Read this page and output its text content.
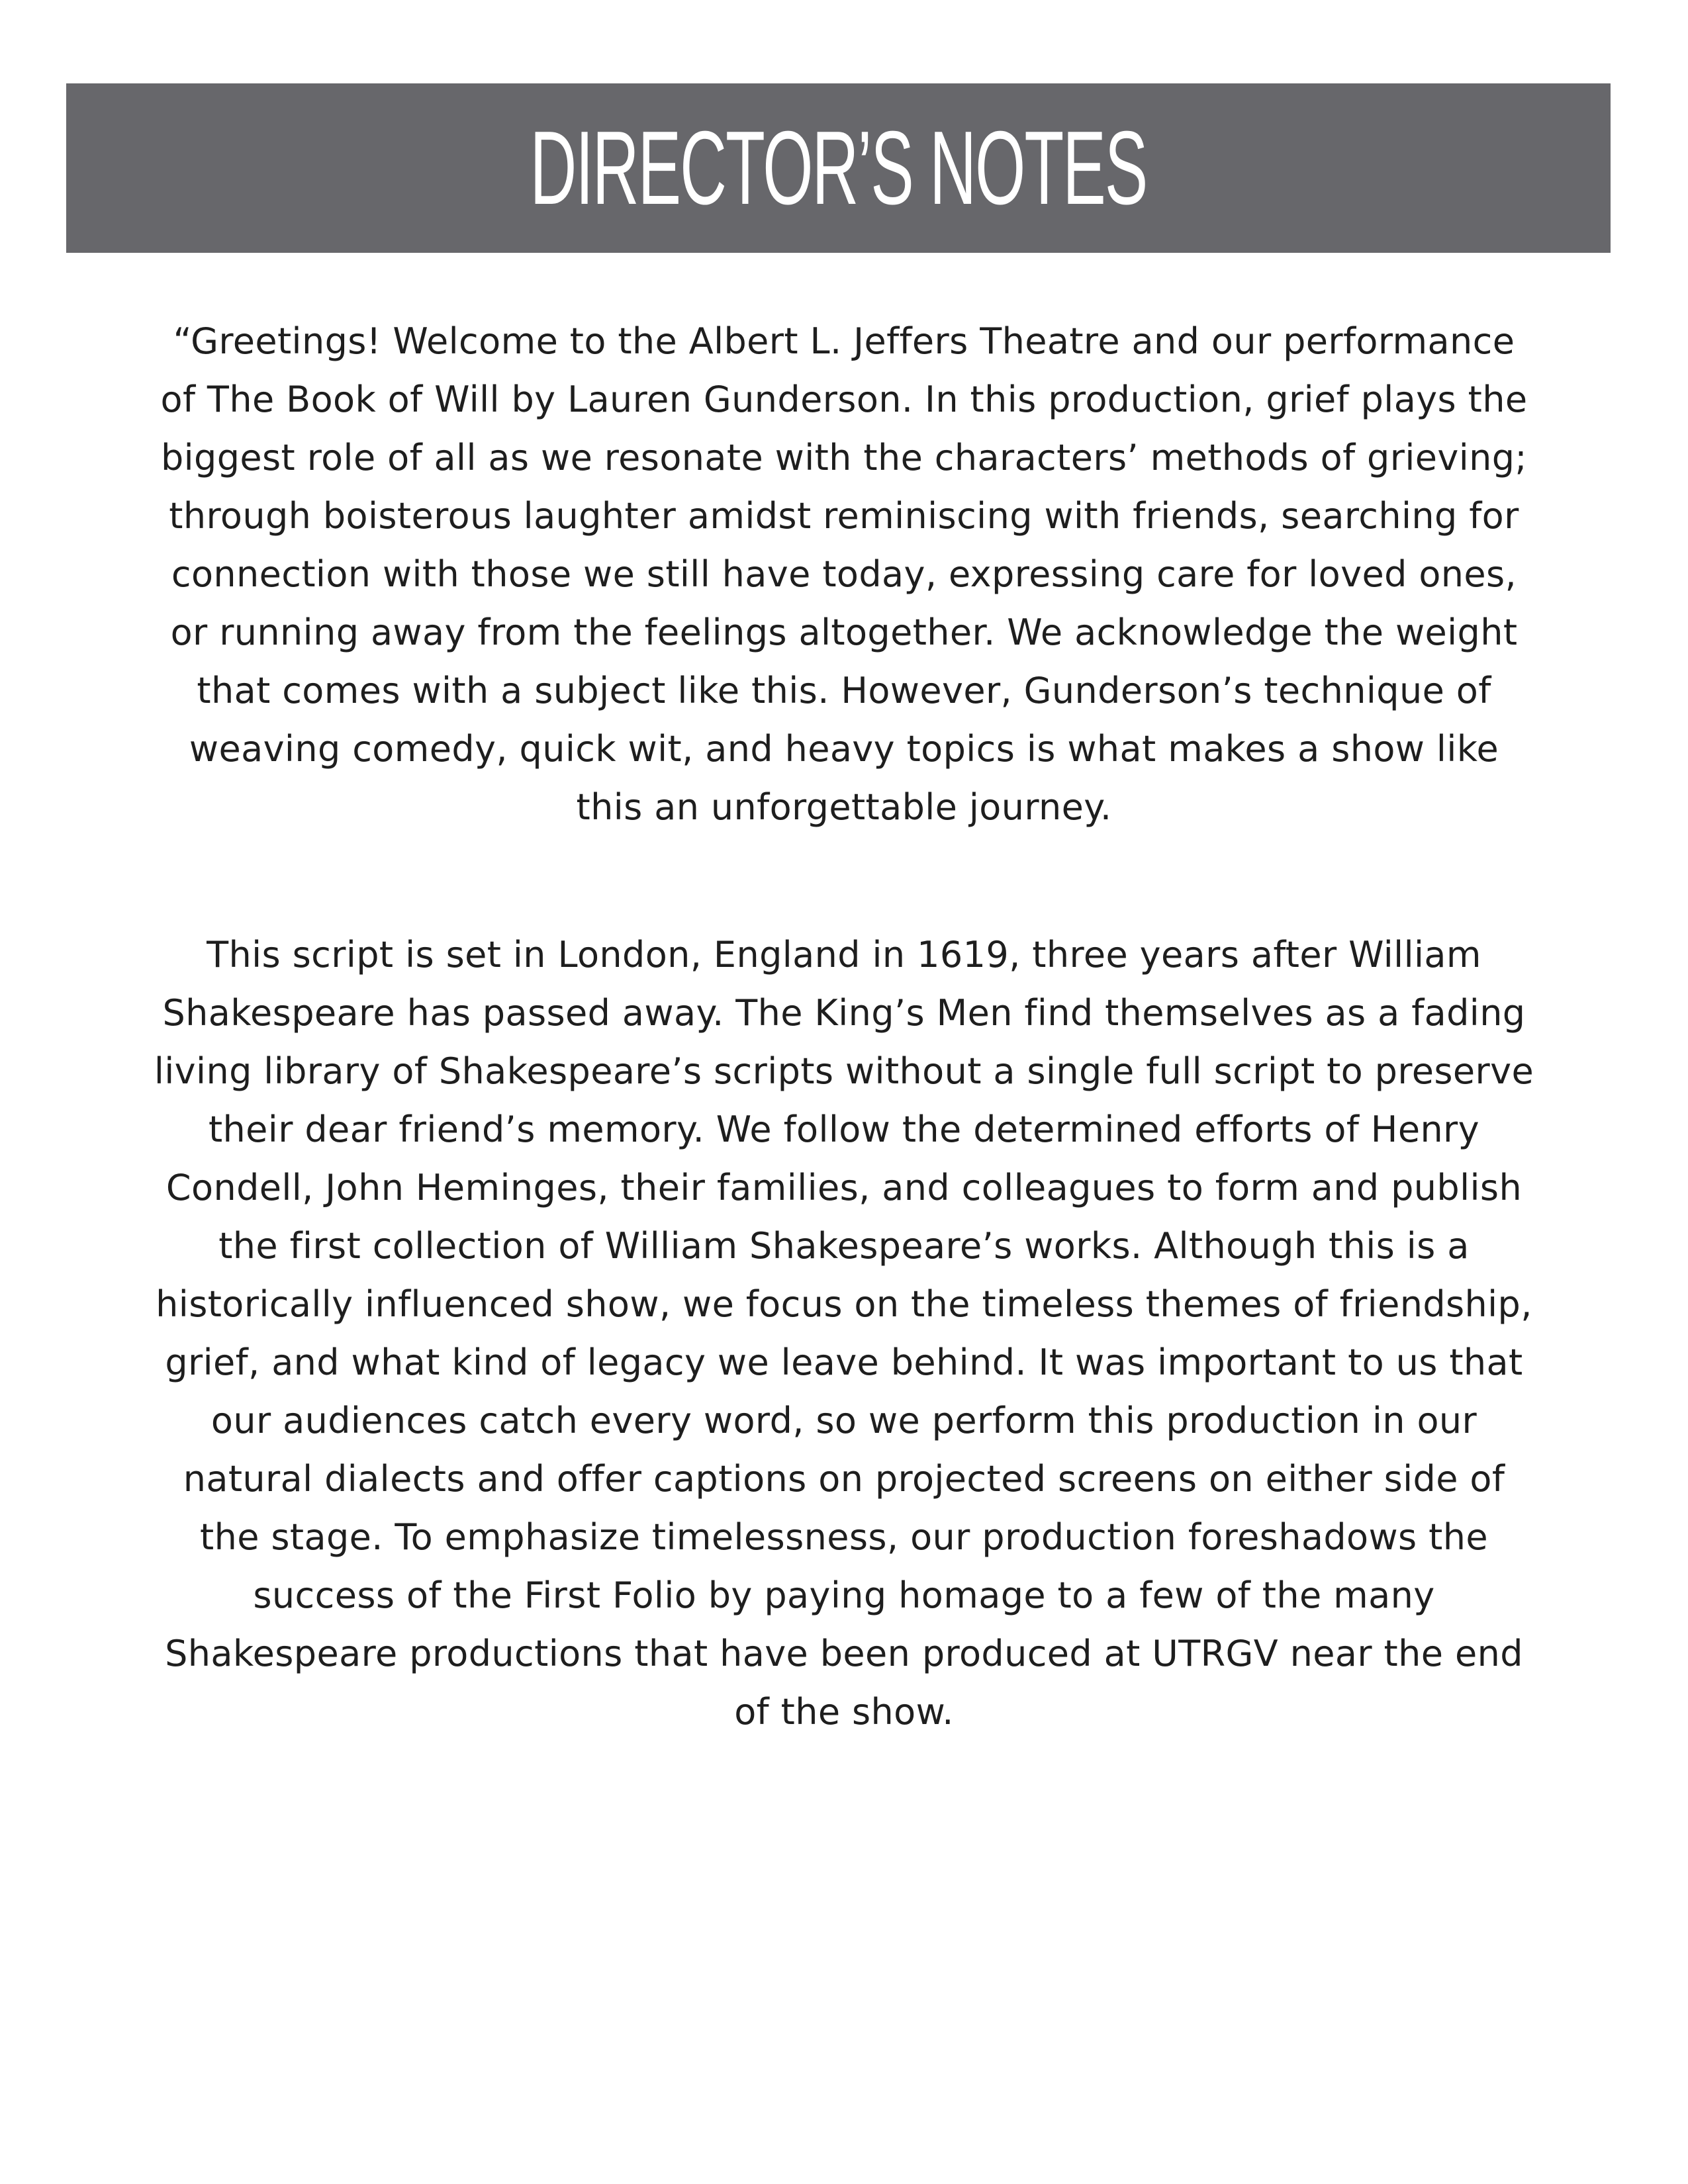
DIRECTOR’S NOTES

“Greetings! Welcome to the Albert L. Jeffers Theatre and our performance of The Book of Will by Lauren Gunderson. In this production, grief plays the biggest role of all as we resonate with the characters’ methods of grieving; through boisterous laughter amidst reminiscing with friends, searching for connection with those we still have today, expressing care for loved ones, or running away from the feelings altogether. We acknowledge the weight that comes with a subject like this. However, Gunderson’s technique of weaving comedy, quick wit, and heavy topics is what makes a show like this an unforgettable journey.

This script is set in London, England in 1619, three years after William Shakespeare has passed away. The King’s Men find themselves as a fading living library of Shakespeare’s scripts without a single full script to preserve their dear friend’s memory. We follow the determined efforts of Henry Condell, John Heminges, their families, and colleagues to form and publish the first collection of William Shakespeare’s works. Although this is a historically influenced show, we focus on the timeless themes of friendship, grief, and what kind of legacy we leave behind. It was important to us that our audiences catch every word, so we perform this production in our natural dialects and offer captions on projected screens on either side of the stage. To emphasize timelessness, our production foreshadows the success of the First Folio by paying homage to a few of the many Shakespeare productions that have been produced at UTRGV near the end of the show.
